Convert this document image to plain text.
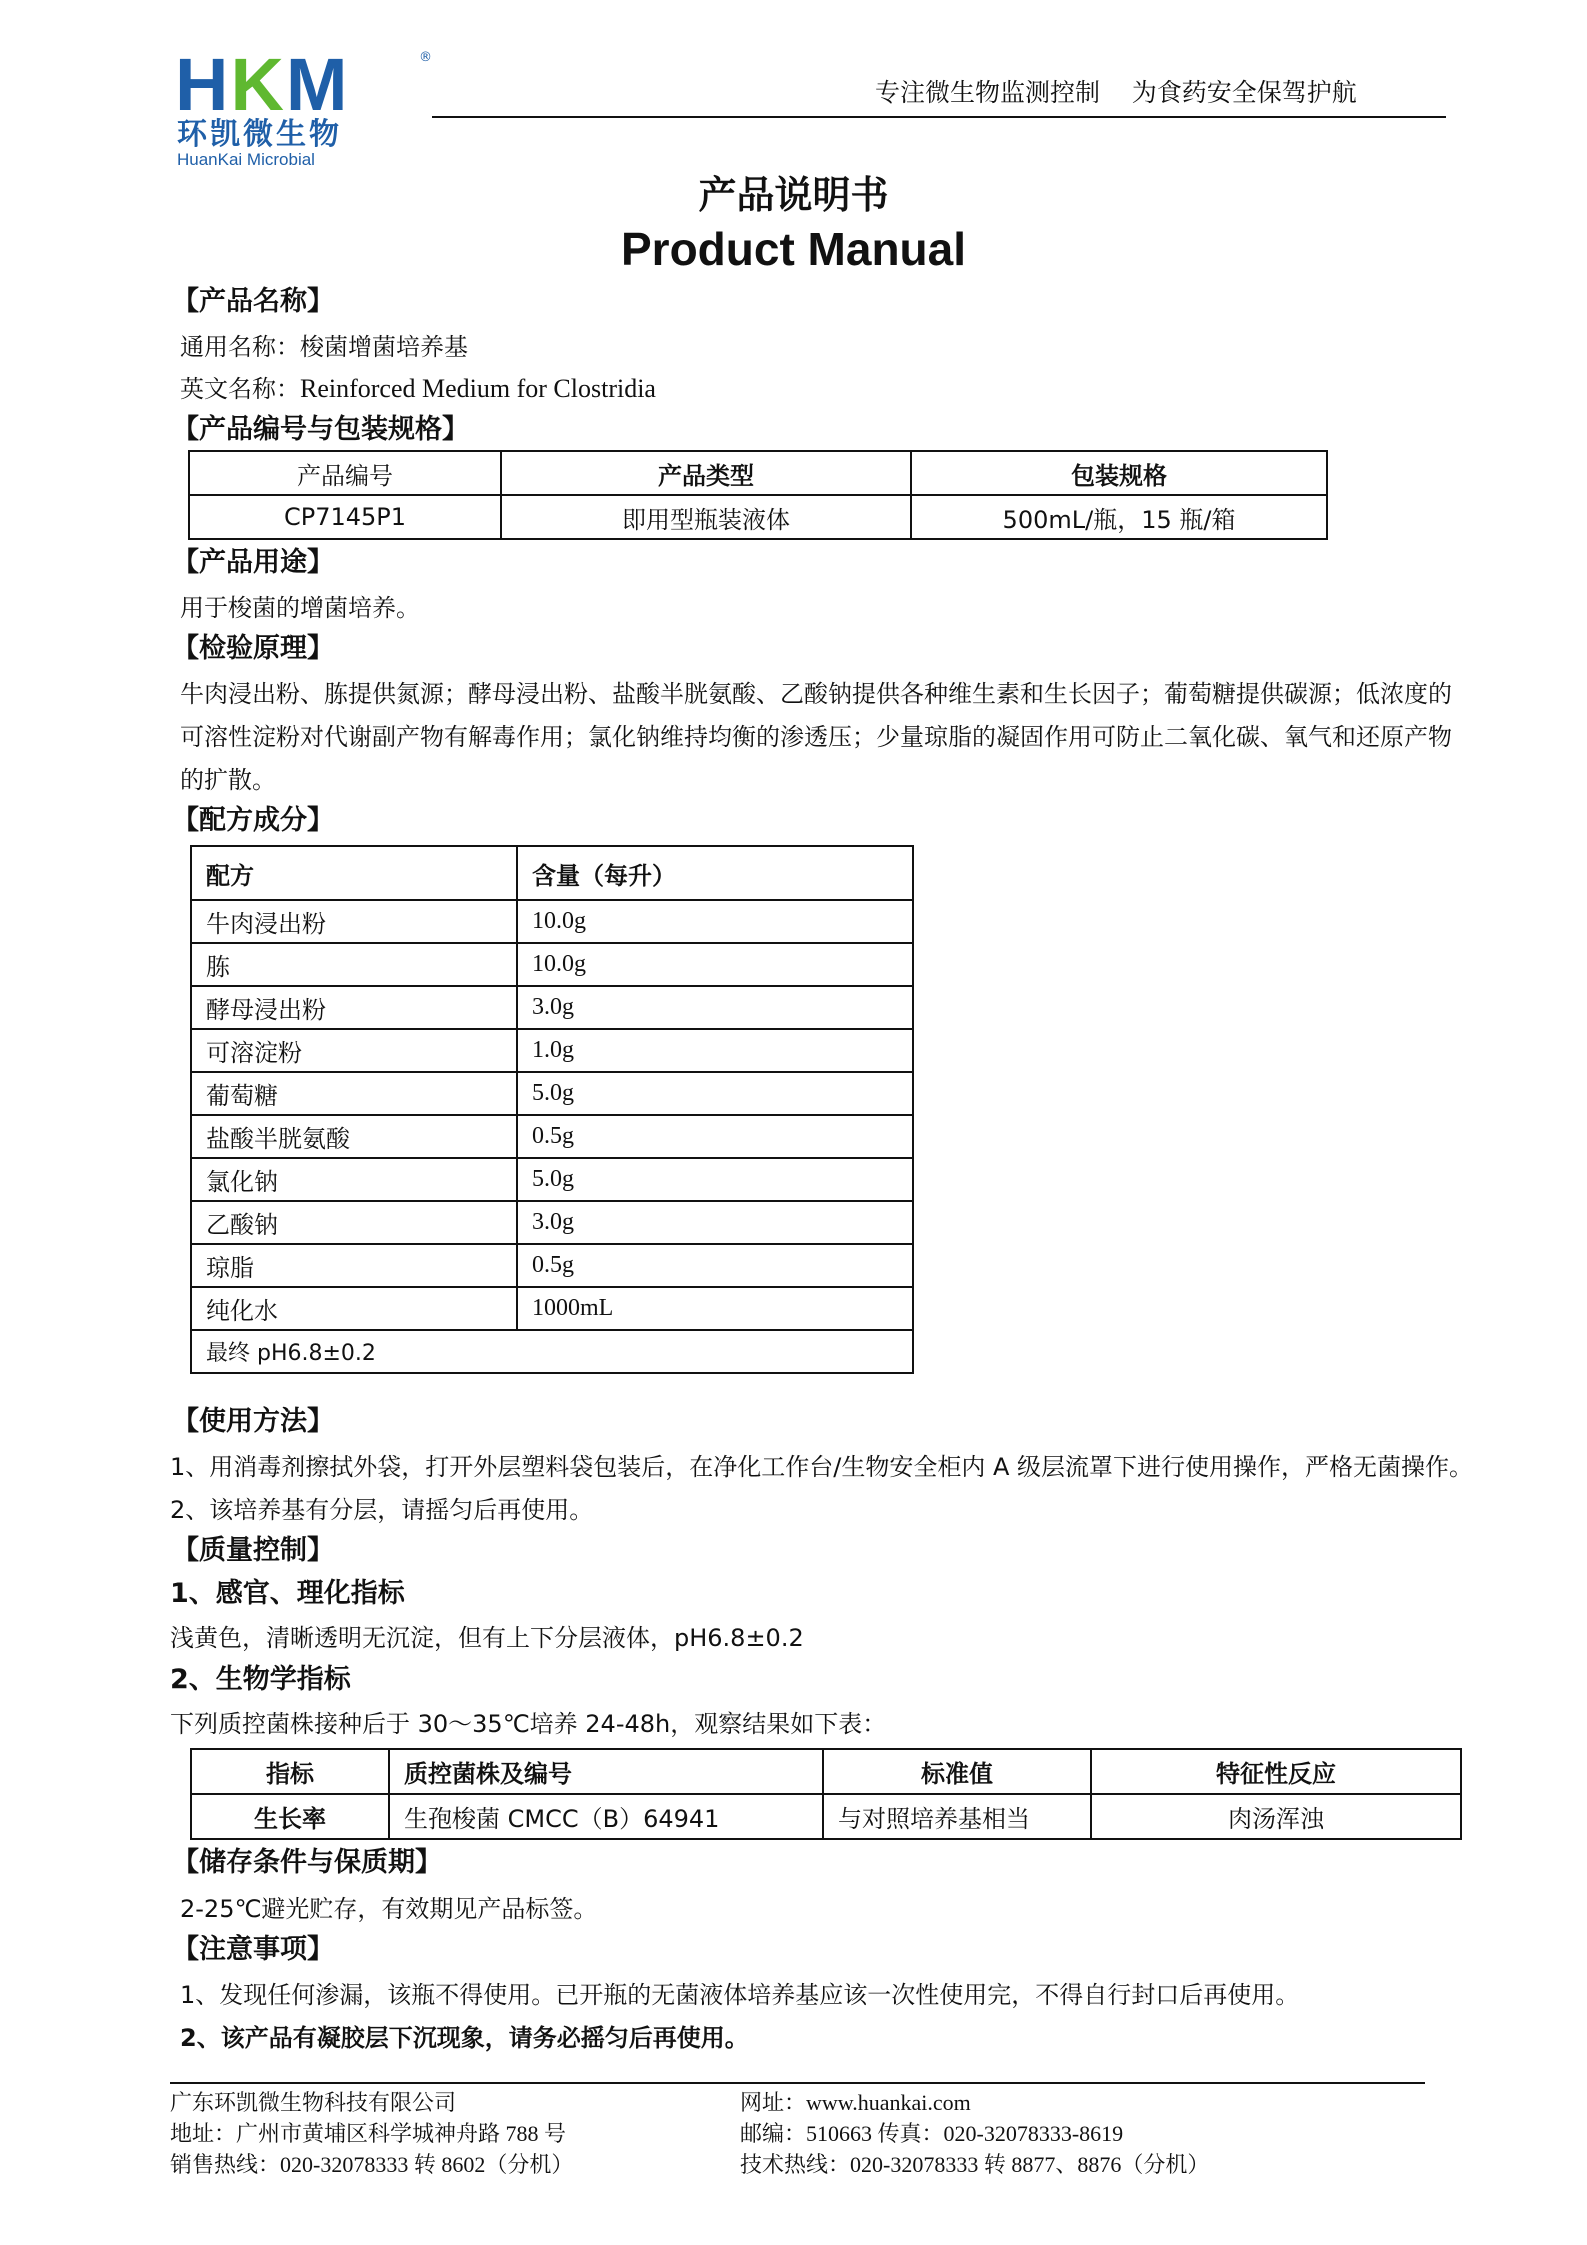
HKM	®
环凯微生物
HuanKai Microbial
专注微生物监测控制    为食药安全保驾护航
产品说明书
Product Manual
【产品名称】
通用名称：梭菌增菌培养基
英文名称：Reinforced Medium for Clostridia
【产品编号与包装规格】
产品编号	产品类型	包装规格
CP7145P1	即用型瓶装液体	500mL/瓶，15 瓶/箱
【产品用途】
用于梭菌的增菌培养。
【检验原理】
牛肉浸出粉、胨提供氮源；酵母浸出粉、盐酸半胱氨酸、乙酸钠提供各种维生素和生长因子；葡萄糖提供碳源；低浓度的
可溶性淀粉对代谢副产物有解毒作用；氯化钠维持均衡的渗透压；少量琼脂的凝固作用可防止二氧化碳、氧气和还原产物
的扩散。
【配方成分】
配方	含量（每升）
牛肉浸出粉	10.0g
胨	10.0g
酵母浸出粉	3.0g
可溶淀粉	1.0g
葡萄糖	5.0g
盐酸半胱氨酸	0.5g
氯化钠	5.0g
乙酸钠	3.0g
琼脂	0.5g
纯化水	1000mL
最终 pH6.8±0.2	
【使用方法】
1、用消毒剂擦拭外袋，打开外层塑料袋包装后，在净化工作台/生物安全柜内 A 级层流罩下进行使用操作，严格无菌操作。
2、该培养基有分层，请摇匀后再使用。
【质量控制】
1、感官、理化指标
浅黄色，清晰透明无沉淀，但有上下分层液体，pH6.8±0.2
2、生物学指标
下列质控菌株接种后于 30～35℃培养 24-48h，观察结果如下表：
指标	质控菌株及编号	标准值	特征性反应
生长率	生孢梭菌 CMCC（B）64941	与对照培养基相当	肉汤浑浊
【储存条件与保质期】
2-25℃避光贮存，有效期见产品标签。
【注意事项】
1、发现任何渗漏，该瓶不得使用。已开瓶的无菌液体培养基应该一次性使用完，不得自行封口后再使用。
2、该产品有凝胶层下沉现象，请务必摇匀后再使用。
广东环凯微生物科技有限公司
地址：广州市黄埔区科学城神舟路 788 号
销售热线：020-32078333 转 8602（分机）
网址：www.huankai.com
邮编：510663 传真：020-32078333-8619
技术热线：020-32078333 转 8877、8876（分机）
